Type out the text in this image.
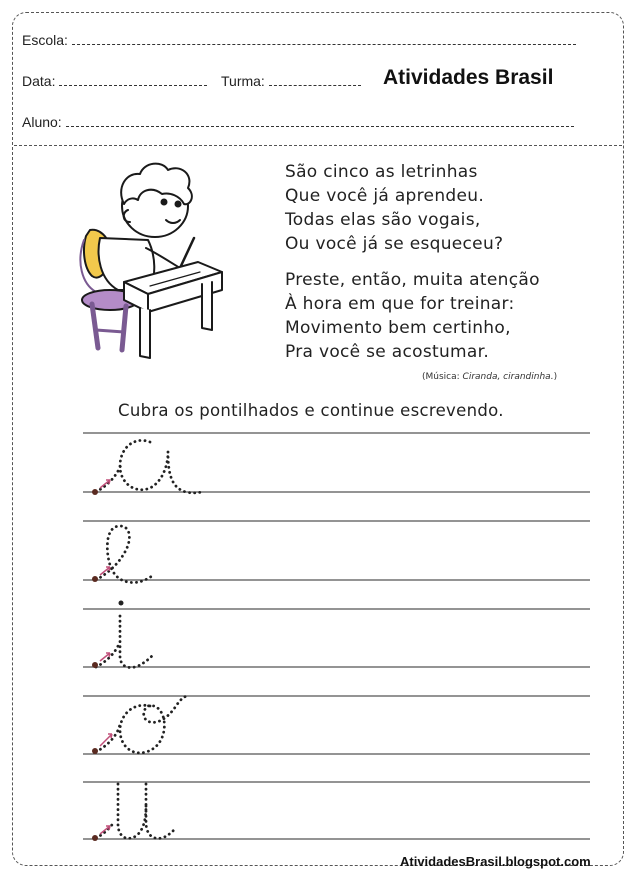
Escola:
Data:	Turma:	Atividades Brasil
Aluno:
São cinco as letrinhas
Que você já aprendeu.
Todas elas são vogais,
Ou você já se esqueceu?
Preste, então, muita atenção
À hora em que for treinar:
Movimento bem certinho,
Pra você se acostumar.
(Música: Ciranda, cirandinha.)
Cubra os pontilhados e continue escrevendo.
AtividadesBrasil.blogspot.com
